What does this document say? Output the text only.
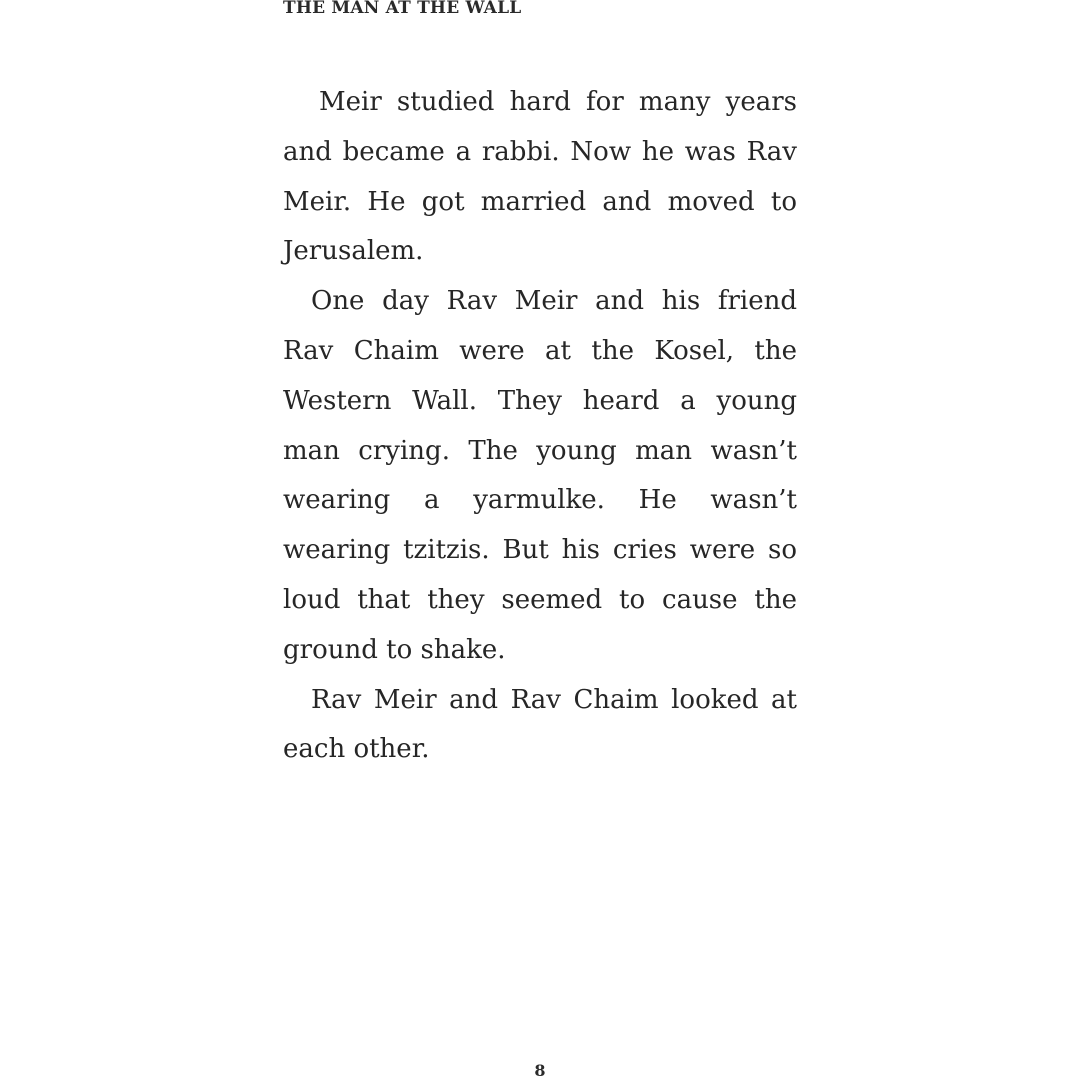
THE MAN AT THE WALL

Meir studied hard for many years and became a rabbi. Now he was Rav Meir. He got married and moved to Jerusalem.

One day Rav Meir and his friend Rav Chaim were at the Kosel, the Western Wall. They heard a young man crying. The young man wasn’t wearing a yarmulke. He wasn’t wearing tzitzis. But his cries were so loud that they seemed to cause the ground to shake.

Rav Meir and Rav Chaim looked at each other.

8
